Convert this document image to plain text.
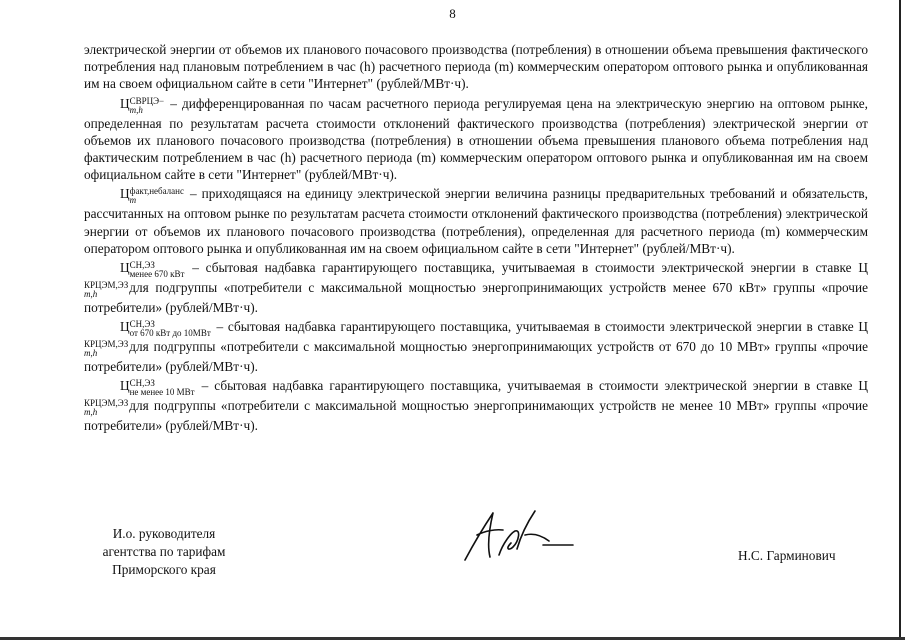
8

электрической энергии от объемов их планового почасового производства (потребления) в отношении объема превышения фактического потребления над плановым потреблением в час (h) расчетного периода (m) коммерческим оператором оптового рынка и опубликованная им на своем официальном сайте в сети "Интернет" (рублей/МВт·ч).

Ц СВРЦЭ−
m,h	– дифференцированная по часам расчетного периода регулируемая цена на электрическую энергию на оптовом рынке, определенная по результатам расчета стоимости отклонений фактического производства (потребления) электрической энергии от объемов их планового почасового производства (потребления) в отношении объема превышения планового объема потребления над фактическим потреблением в час (h) расчетного периода (m) коммерческим оператором оптового рынка и опубликованная им на своем официальном сайте в сети "Интернет" (рублей/МВт·ч).

Ц факт,небаланс
m	– приходящаяся на единицу электрической энергии величина разницы предварительных требований и обязательств, рассчитанных на оптовом рынке по результатам расчета стоимости отклонений фактического производства (потребления) электрической энергии от объемов их планового почасового производства (потребления), определенная для расчетного периода (m) коммерческим оператором оптового рынка и опубликованная им на своем официальном сайте в сети "Интернет" (рублей/МВт·ч).

Ц СН,ЭЗ
менее 670 кВт – сбытовая надбавка гарантирующего поставщика, учитываемая в стоимости электрической энергии в ставке Ц
КРЦЭМ,ЭЗ
m,h	для подгруппы «потребители с максимальной мощностью энергопринимающих устройств менее 670 кВт» группы «прочие потребители» (рублей/МВт·ч).

Ц СН,ЭЗ
от 670 кВт до 10МВт – сбытовая надбавка гарантирующего поставщика, учитываемая в стоимости электрической энергии в ставке Ц
КРЦЭМ,ЭЗ
m,h	для подгруппы «потребители с максимальной мощностью энергопринимающих устройств от 670 до 10 МВт» группы «прочие потребители» (рублей/МВт·ч).

Ц СН,ЭЗ
не менее 10 МВт – сбытовая надбавка гарантирующего поставщика, учитываемая в стоимости электрической энергии в ставке Ц
КРЦЭМ,ЭЗ
m,h	для подгруппы «потребители с максимальной мощностью энергопринимающих устройств не менее 10 МВт» группы «прочие потребители» (рублей/МВт·ч).

И.о. руководителя
агентства по тарифам
Приморского края
Н.С. Гарминович
